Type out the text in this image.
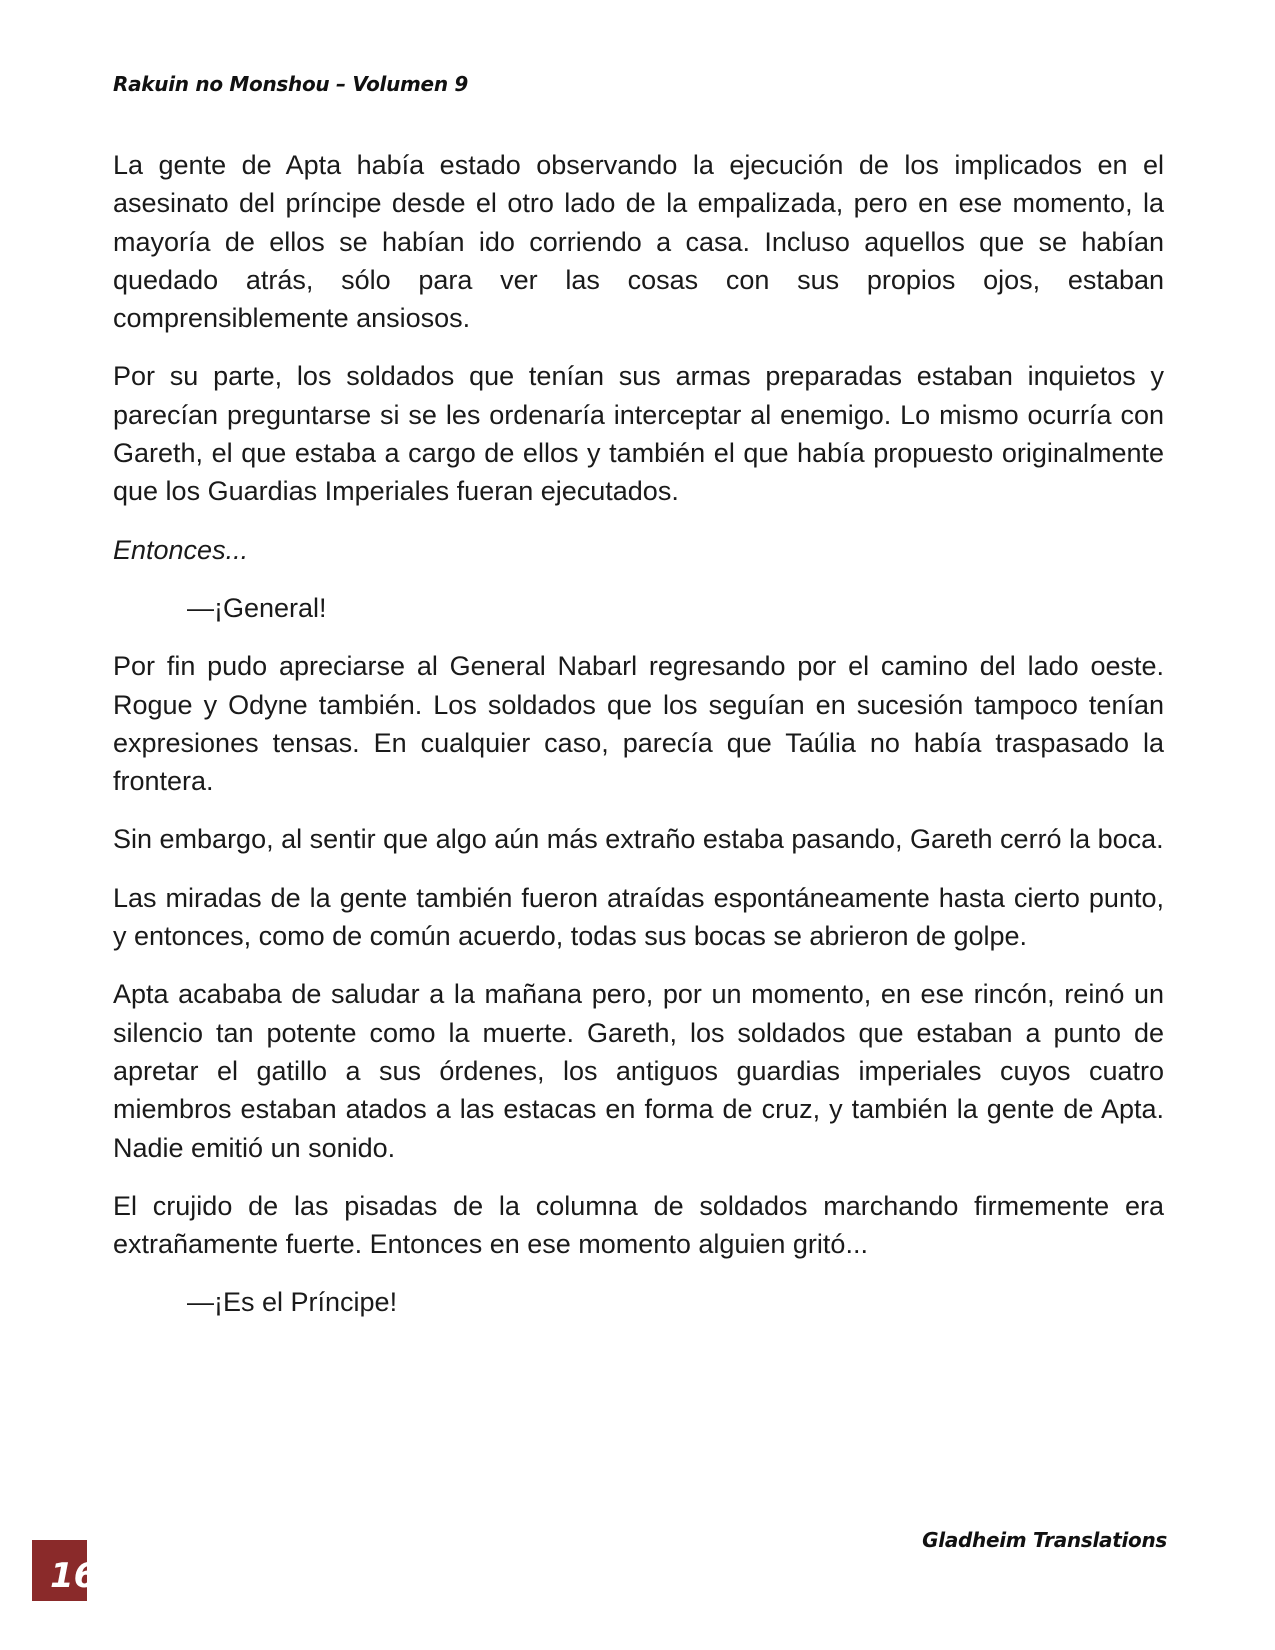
Rakuin no Monshou – Volumen 9

La gente de Apta había estado observando la ejecución de los implicados en el asesinato del príncipe desde el otro lado de la empalizada, pero en ese momento, la mayoría de ellos se habían ido corriendo a casa. Incluso aquellos que se habían quedado atrás, sólo para ver las cosas con sus propios ojos, estaban comprensiblemente ansiosos.

Por su parte, los soldados que tenían sus armas preparadas estaban inquietos y parecían preguntarse si se les ordenaría interceptar al enemigo. Lo mismo ocurría con Gareth, el que estaba a cargo de ellos y también el que había propuesto originalmente que los Guardias Imperiales fueran ejecutados.

Entonces...

—¡General!

Por fin pudo apreciarse al General Nabarl regresando por el camino del lado oeste. Rogue y Odyne también. Los soldados que los seguían en sucesión tampoco tenían expresiones tensas. En cualquier caso, parecía que Taúlia no había traspasado la frontera.

Sin embargo, al sentir que algo aún más extraño estaba pasando, Gareth cerró la boca.

Las miradas de la gente también fueron atraídas espontáneamente hasta cierto punto, y entonces, como de común acuerdo, todas sus bocas se abrieron de golpe.

Apta acababa de saludar a la mañana pero, por un momento, en ese rincón, reinó un silencio tan potente como la muerte. Gareth, los soldados que estaban a punto de apretar el gatillo a sus órdenes, los antiguos guardias imperiales cuyos cuatro miembros estaban atados a las estacas en forma de cruz, y también la gente de Apta. Nadie emitió un sonido.

El crujido de las pisadas de la columna de soldados marchando firmemente era extrañamente fuerte. Entonces en ese momento alguien gritó...

—¡Es el Príncipe!

Gladheim Translations
16
